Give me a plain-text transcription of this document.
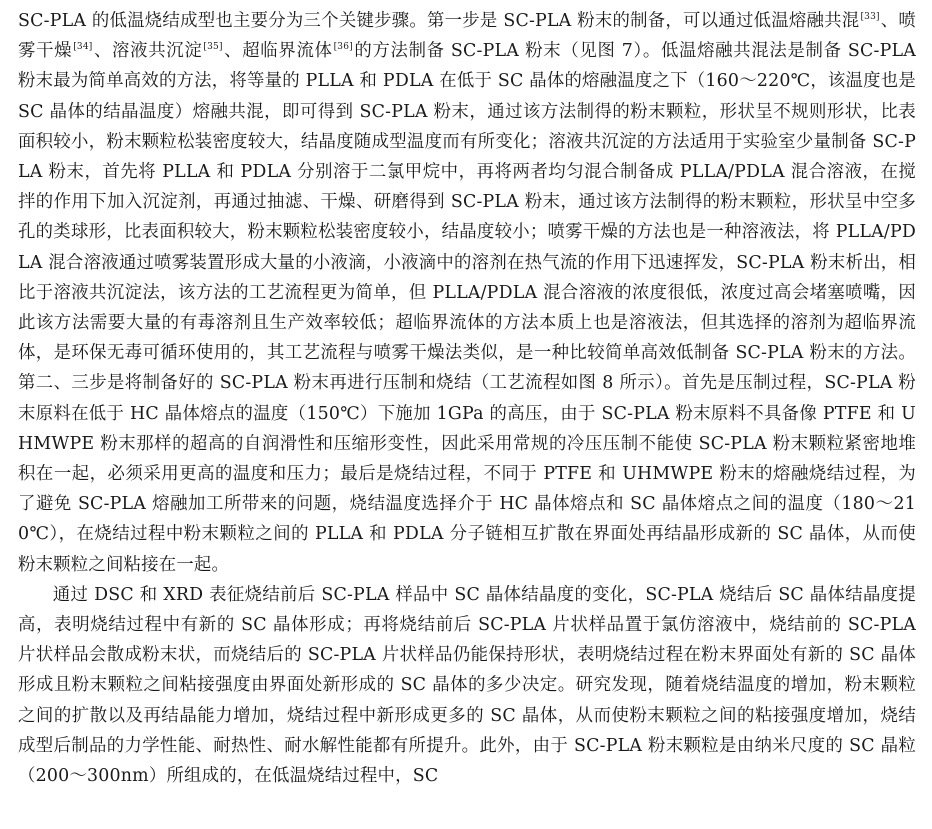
SC-PLA 的低温烧结成型也主要分为三个关键步骤。第一步是 SC-PLA 粉末的制备，可以通过低温熔融共混[33]、喷雾干燥[34]、溶液共沉淀[35]、超临界流体[36]的方法制备 SC-PLA 粉末（见图 7）。低温熔融共混法是制备 SC-PLA 粉末最为简单高效的方法，将等量的 PLLA 和 PDLA 在低于 SC 晶体的熔融温度之下（160～220℃，该温度也是 SC 晶体的结晶温度）熔融共混，即可得到 SC-PLA 粉末，通过该方法制得的粉末颗粒，形状呈不规则形状，比表面积较小，粉末颗粒松装密度较大，结晶度随成型温度而有所变化；溶液共沉淀的方法适用于实验室少量制备 SC-PLA 粉末，首先将 PLLA 和 PDLA 分别溶于二氯甲烷中，再将两者均匀混合制备成 PLLA/PDLA 混合溶液，在搅拌的作用下加入沉淀剂，再通过抽滤、干燥、研磨得到 SC-PLA 粉末，通过该方法制得的粉末颗粒，形状呈中空多孔的类球形，比表面积较大，粉末颗粒松装密度较小，结晶度较小；喷雾干燥的方法也是一种溶液法，将 PLLA/PDLA 混合溶液通过喷雾装置形成大量的小液滴，小液滴中的溶剂在热气流的作用下迅速挥发，SC-PLA 粉末析出，相比于溶液共沉淀法，该方法的工艺流程更为简单，但 PLLA/PDLA 混合溶液的浓度很低，浓度过高会堵塞喷嘴，因此该方法需要大量的有毒溶剂且生产效率较低；超临界流体的方法本质上也是溶液法，但其选择的溶剂为超临界流体，是环保无毒可循环使用的，其工艺流程与喷雾干燥法类似，是一种比较简单高效低制备 SC-PLA 粉末的方法。第二、三步是将制备好的 SC-PLA 粉末再进行压制和烧结（工艺流程如图 8 所示）。首先是压制过程，SC-PLA 粉末原料在低于 HC 晶体熔点的温度（150℃）下施加 1GPa 的高压，由于 SC-PLA 粉末原料不具备像 PTFE 和 UHMWPE 粉末那样的超高的自润滑性和压缩形变性，因此采用常规的冷压压制不能使 SC-PLA 粉末颗粒紧密地堆积在一起，必须采用更高的温度和压力；最后是烧结过程，不同于 PTFE 和 UHMWPE 粉末的熔融烧结过程，为了避免 SC-PLA 熔融加工所带来的问题，烧结温度选择介于 HC 晶体熔点和 SC 晶体熔点之间的温度（180～210℃），在烧结过程中粉末颗粒之间的 PLLA 和 PDLA 分子链相互扩散在界面处再结晶形成新的 SC 晶体，从而使粉末颗粒之间粘接在一起。

通过 DSC 和 XRD 表征烧结前后 SC-PLA 样品中 SC 晶体结晶度的变化，SC-PLA 烧结后 SC 晶体结晶度提高，表明烧结过程中有新的 SC 晶体形成；再将烧结前后 SC-PLA 片状样品置于氯仿溶液中，烧结前的 SC-PLA 片状样品会散成粉末状，而烧结后的 SC-PLA 片状样品仍能保持形状，表明烧结过程在粉末界面处有新的 SC 晶体形成且粉末颗粒之间粘接强度由界面处新形成的 SC 晶体的多少决定。研究发现，随着烧结温度的增加，粉末颗粒之间的扩散以及再结晶能力增加，烧结过程中新形成更多的 SC 晶体，从而使粉末颗粒之间的粘接强度增加，烧结成型后制品的力学性能、耐热性、耐水解性能都有所提升。此外，由于 SC-PLA 粉末颗粒是由纳米尺度的 SC 晶粒（200～300nm）所组成的，在低温烧结过程中，SC
